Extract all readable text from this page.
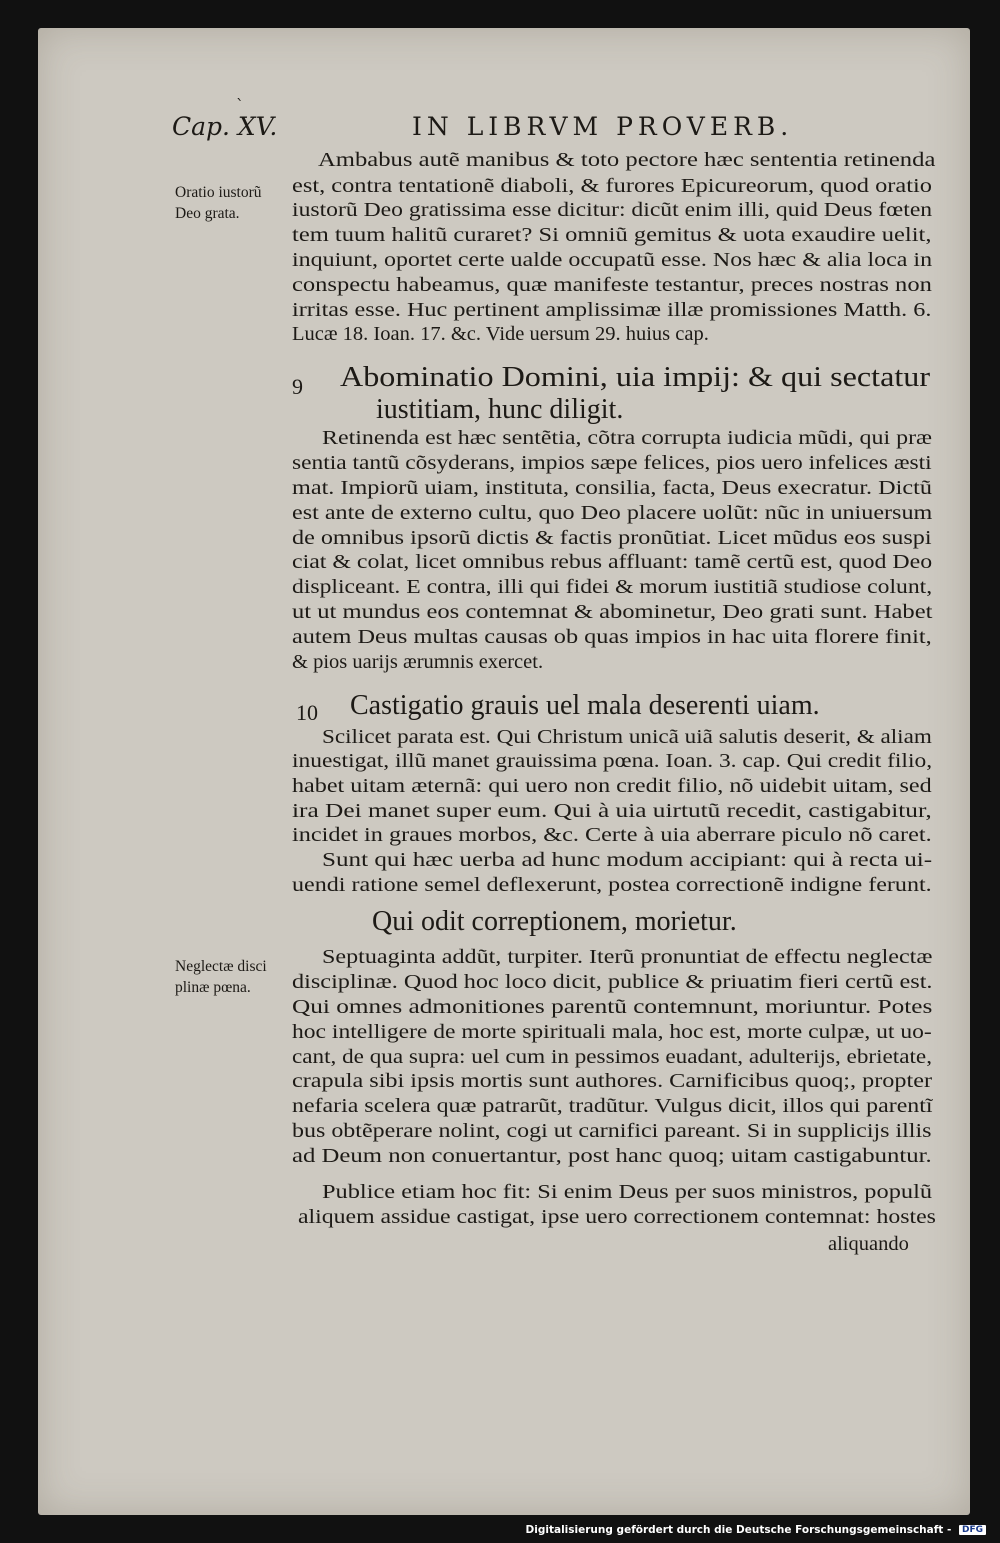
ˋ
Cap. XV.	IN LIBRVM PROVERB.
Oratio iustorũ
Deo grata.
Neglectæ disci
plinæ pœna.
9
10
Ambabus autẽ manibus & toto pectore hæc sententia retinenda
est, contra tentationẽ diaboli, & furores Epicureorum, quod oratio
iustorũ Deo gratissima esse dicitur: dicũt enim illi, quid Deus fœten
tem tuum halitũ curaret? Si omniũ gemitus & uota exaudire uelit,
inquiunt, oportet certe ualde occupatũ esse. Nos hæc & alia loca in
conspectu habeamus, quæ manifeste testantur, preces nostras non
irritas esse. Huc pertinent amplissimæ illæ promissiones Matth. 6.
Lucæ 18. Ioan. 17. &c. Vide uersum 29. huius cap.
Abominatio Domini, uia impij: & qui sectatur
iustitiam, hunc diligit.
Retinenda est hæc sentẽtia, cõtra corrupta iudicia mũdi, qui præ
sentia tantũ cõsyderans, impios sæpe felices, pios uero infelices æsti
mat. Impiorũ uiam, instituta, consilia, facta, Deus execratur. Dictũ
est ante de externo cultu, quo Deo placere uolũt: nũc in uniuersum
de omnibus ipsorũ dictis & factis pronũtiat. Licet mũdus eos suspi
ciat & colat, licet omnibus rebus affluant: tamẽ certũ est, quod Deo
displiceant. E contra, illi qui fidei & morum iustitiã studiose colunt,
ut ut mundus eos contemnat & abominetur, Deo grati sunt. Habet
autem Deus multas causas ob quas impios in hac uita florere finit,
& pios uarijs ærumnis exercet.
Castigatio grauis uel mala deserenti uiam.
Scilicet parata est. Qui Christum unicã uiã salutis deserit, & aliam
inuestigat, illũ manet grauissima pœna. Ioan. 3. cap. Qui credit filio,
habet uitam æternã: qui uero non credit filio, nõ uidebit uitam, sed
ira Dei manet super eum. Qui à uia uirtutũ recedit, castigabitur,
incidet in graues morbos, &c. Certe à uia aberrare piculo nõ caret.
Sunt qui hæc uerba ad hunc modum accipiant: qui à recta ui-
uendi ratione semel deflexerunt, postea correctionẽ indigne ferunt.
Qui odit correptionem, morietur.
Septuaginta addũt, turpiter. Iterũ pronuntiat de effectu neglectæ
disciplinæ. Quod hoc loco dicit, publice & priuatim fieri certũ est.
Qui omnes admonitiones parentũ contemnunt, moriuntur. Potes
hoc intelligere de morte spirituali mala, hoc est, morte culpæ, ut uo-
cant, de qua supra: uel cum in pessimos euadant, adulterijs, ebrietate,
crapula sibi ipsis mortis sunt authores. Carnificibus quoq;, propter
nefaria scelera quæ patrarũt, tradũtur. Vulgus dicit, illos qui parentĩ
bus obtẽperare nolint, cogi ut carnifici pareant. Si in supplicijs illis
ad Deum non conuertantur, post hanc quoq; uitam castigabuntur.
Publice etiam hoc fit: Si enim Deus per suos ministros, populũ
aliquem assidue castigat, ipse uero correctionem contemnat: hostes
aliquando
Digitalisierung gefördert durch die Deutsche Forschungsgemeinschaft - DFG
